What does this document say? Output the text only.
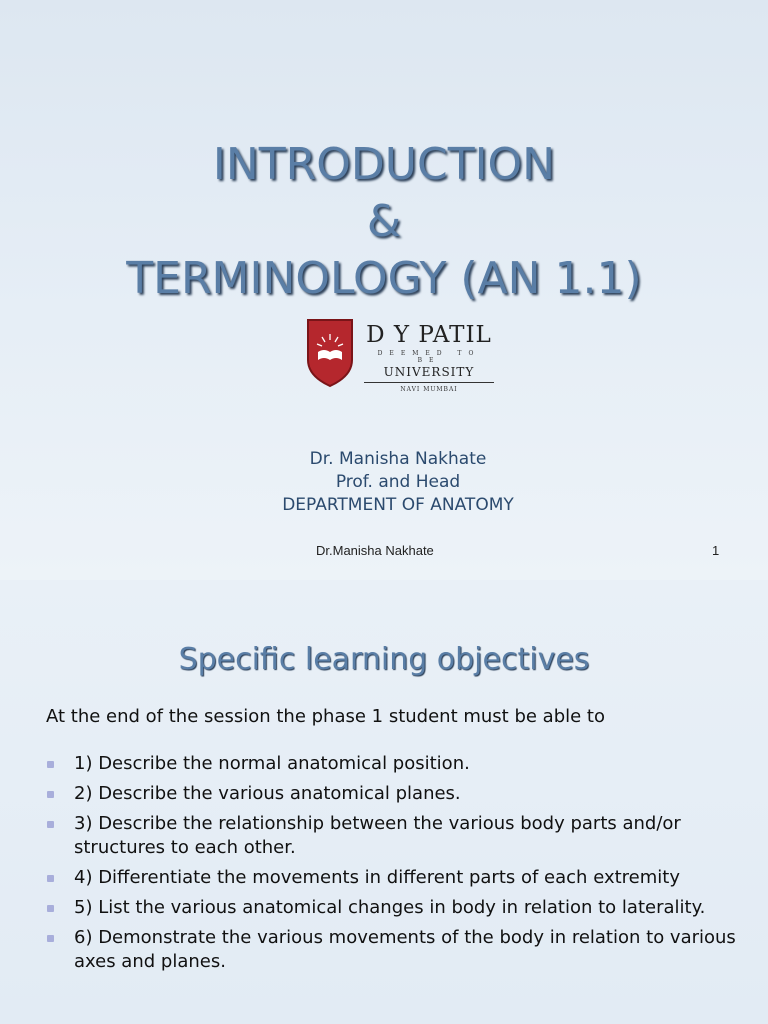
INTRODUCTION
&
TERMINOLOGY (AN 1.1)
D Y PATIL
DEEMED TO BE
UNIVERSITY
NAVI MUMBAI
Dr. Manisha Nakhate
Prof. and Head
DEPARTMENT OF ANATOMY
Dr.Manisha Nakhate	1
Specific learning objectives
At the end of the session the phase 1 student must be able to
1) Describe the normal anatomical position.
2) Describe the various anatomical planes.
3) Describe the relationship between the various body parts and/or structures to each other.
4) Differentiate the movements in different parts of each extremity
5) List the various anatomical changes in body in relation to laterality.
6) Demonstrate the various movements of the body in relation to various axes and planes.
